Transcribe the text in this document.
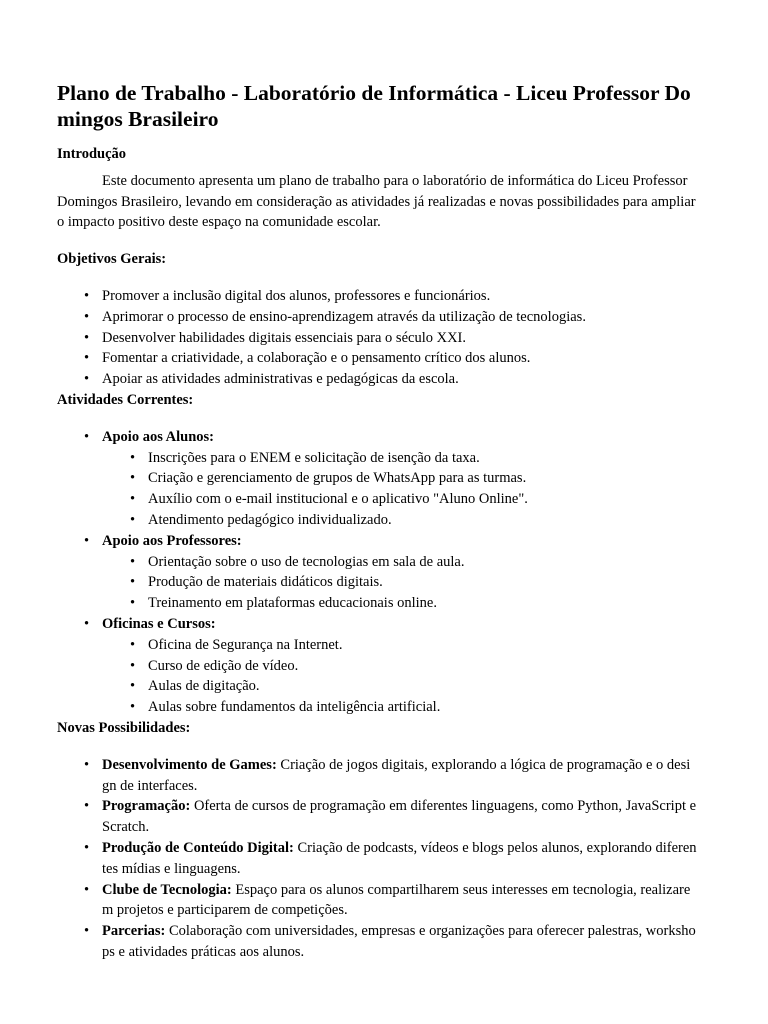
Plano de Trabalho - Laboratório de Informática - Liceu Professor Domingos Brasileiro

Introdução

Este documento apresenta um plano de trabalho para o laboratório de informática do Liceu Professor Domingos Brasileiro, levando em consideração as atividades já realizadas e novas possibilidades para ampliar o impacto positivo deste espaço na comunidade escolar.

Objetivos Gerais:

• Promover a inclusão digital dos alunos, professores e funcionários.
• Aprimorar o processo de ensino-aprendizagem através da utilização de tecnologias.
• Desenvolver habilidades digitais essenciais para o século XXI.
• Fomentar a criatividade, a colaboração e o pensamento crítico dos alunos.
• Apoiar as atividades administrativas e pedagógicas da escola.

Atividades Correntes:

• Apoio aos Alunos:
• Inscrições para o ENEM e solicitação de isenção da taxa.
• Criação e gerenciamento de grupos de WhatsApp para as turmas.
• Auxílio com o e-mail institucional e o aplicativo "Aluno Online".
• Atendimento pedagógico individualizado.
• Apoio aos Professores:
• Orientação sobre o uso de tecnologias em sala de aula.
• Produção de materiais didáticos digitais.
• Treinamento em plataformas educacionais online.
• Oficinas e Cursos:
• Oficina de Segurança na Internet.
• Curso de edição de vídeo.
• Aulas de digitação.
• Aulas sobre fundamentos da inteligência artificial.

Novas Possibilidades:

• Desenvolvimento de Games: Criação de jogos digitais, explorando a lógica de programação e o design de interfaces.
• Programação: Oferta de cursos de programação em diferentes linguagens, como Python, JavaScript e Scratch.
• Produção de Conteúdo Digital: Criação de podcasts, vídeos e blogs pelos alunos, explorando diferentes mídias e linguagens.
• Clube de Tecnologia: Espaço para os alunos compartilharem seus interesses em tecnologia, realizarem projetos e participarem de competições.
• Parcerias: Colaboração com universidades, empresas e organizações para oferecer palestras, workshops e atividades práticas aos alunos.
